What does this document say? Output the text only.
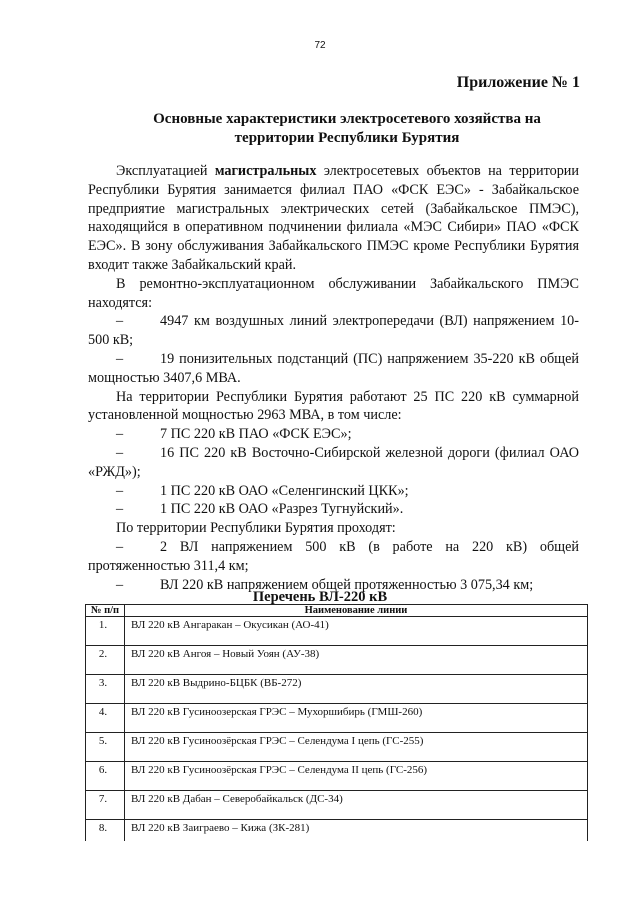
72
Приложение № 1
Основные характеристики электросетевого хозяйства на
территории Республики Бурятия

Эксплуатацией магистральных электросетевых объектов на территории Республики Бурятия занимается филиал ПАО «ФСК ЕЭС» - Забайкальское предприятие магистральных электрических сетей (Забайкальское ПМЭС), находящийся в оперативном подчинении филиала «МЭС Сибири» ПАО «ФСК ЕЭС». В зону обслуживания Забайкальского ПМЭС кроме Республики Бурятия входит также Забайкальский край.

В ремонтно-эксплуатационном обслуживании Забайкальского ПМЭС находятся:

–	4947 км воздушных линий электропередачи (ВЛ) напряжением 10-500 кВ;

–	19 понизительных подстанций (ПС) напряжением 35-220 кВ общей мощностью 3407,6 МВА.

На территории Республики Бурятия работают 25 ПС 220 кВ суммарной установленной мощностью 2963 МВА, в том числе:

–	7 ПС 220 кВ ПАО «ФСК ЕЭС»;

–	16 ПС 220 кВ Восточно-Сибирской железной дороги (филиал ОАО «РЖД»);

–	1 ПС 220 кВ ОАО «Селенгинский ЦКК»;

–	1 ПС 220 кВ ОАО «Разрез Тугнуйский».

По территории Республики Бурятия проходят:

–	2 ВЛ напряжением 500 кВ (в работе на 220 кВ) общей протяженностью 311,4 км;

–	ВЛ 220 кВ напряжением общей протяженностью 3 075,34 км;

Перечень ВЛ-220 кВ
№ п/п	Наименование линии
1.	ВЛ 220 кВ Ангаракан – Окусикан (АО-41)
2.	ВЛ 220 кВ Ангоя – Новый Уоян (АУ-38)
3.	ВЛ 220 кВ Выдрино-БЦБК (ВБ-272)
4.	ВЛ 220 кВ Гусиноозерская ГРЭС – Мухоршибирь (ГМШ-260)
5.	ВЛ 220 кВ Гусиноозёрская ГРЭС – Селендума I цепь (ГС-255)
6.	ВЛ 220 кВ Гусиноозёрская ГРЭС – Селендума II цепь (ГС-256)
7.	ВЛ 220 кВ Дабан – Северобайкальск (ДС-34)
8.	ВЛ 220 кВ Заиграево – Кижа (ЗК-281)
